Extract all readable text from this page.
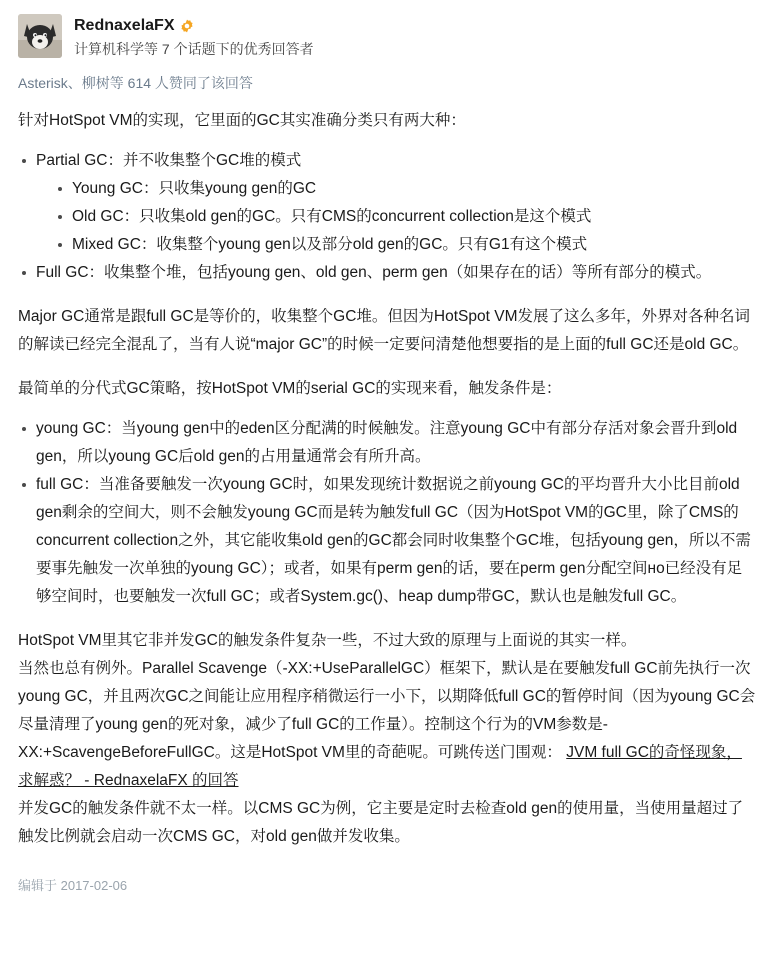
RednaxelaFX
计算机科学等 7 个话题下的优秀回答者
Asterisk、柳树等 614 人赞同了该回答

针对HotSpot VM的实现，它里面的GC其实准确分类只有两大种：

Partial GC：并不收集整个GC堆的模式
Young GC：只收集young gen的GC
Old GC：只收集old gen的GC。只有CMS的concurrent collection是这个模式
Mixed GC：收集整个young gen以及部分old gen的GC。只有G1有这个模式
Full GC：收集整个堆，包括young gen、old gen、perm gen（如果存在的话）等所有部分的模式。

Major GC通常是跟full GC是等价的，收集整个GC堆。但因为HotSpot VM发展了这么多年，外界对各种名词的解读已经完全混乱了，当有人说“major GC”的时候一定要问清楚他想要指的是上面的full GC还是old GC。

最简单的分代式GC策略，按HotSpot VM的serial GC的实现来看，触发条件是：

young GC：当young gen中的eden区分配满的时候触发。注意young GC中有部分存活对象会晋升到old gen，所以young GC后old gen的占用量通常会有所升高。
full GC：当准备要触发一次young GC时，如果发现统计数据说之前young GC的平均晋升大小比目前old gen剩余的空间大，则不会触发young GC而是转为触发full GC（因为HotSpot VM的GC里，除了CMS的concurrent collection之外，其它能收集old gen的GC都会同时收集整个GC堆，包括young gen，所以不需要事先触发一次单独的young GC）；或者，如果有perm gen的话，要在perm gen分配空间но已经没有足够空间时，也要触发一次full GC；或者System.gc()、heap dump带GC，默认也是触发full GC。

HotSpot VM里其它非并发GC的触发条件复杂一些，不过大致的原理与上面说的其实一样。

当然也总有例外。Parallel Scavenge（-XX:+UseParallelGC）框架下，默认是在要触发full GC前先执行一次young GC，并且两次GC之间能让应用程序稍微运行一小下，以期降低full GC的暂停时间（因为young GC会尽量清理了young gen的死对象，减少了full GC的工作量）。控制这个行为的VM参数是-XX:+ScavengeBeforeFullGC。这是HotSpot VM里的奇葩呢。可跳传送门围观： JVM full GC的奇怪现象，求解惑？ - RednaxelaFX 的回答

并发GC的触发条件就不太一样。以CMS GC为例，它主要是定时去检查old gen的使用量，当使用量超过了触发比例就会启动一次CMS GC，对old gen做并发收集。

编辑于 2017-02-06
